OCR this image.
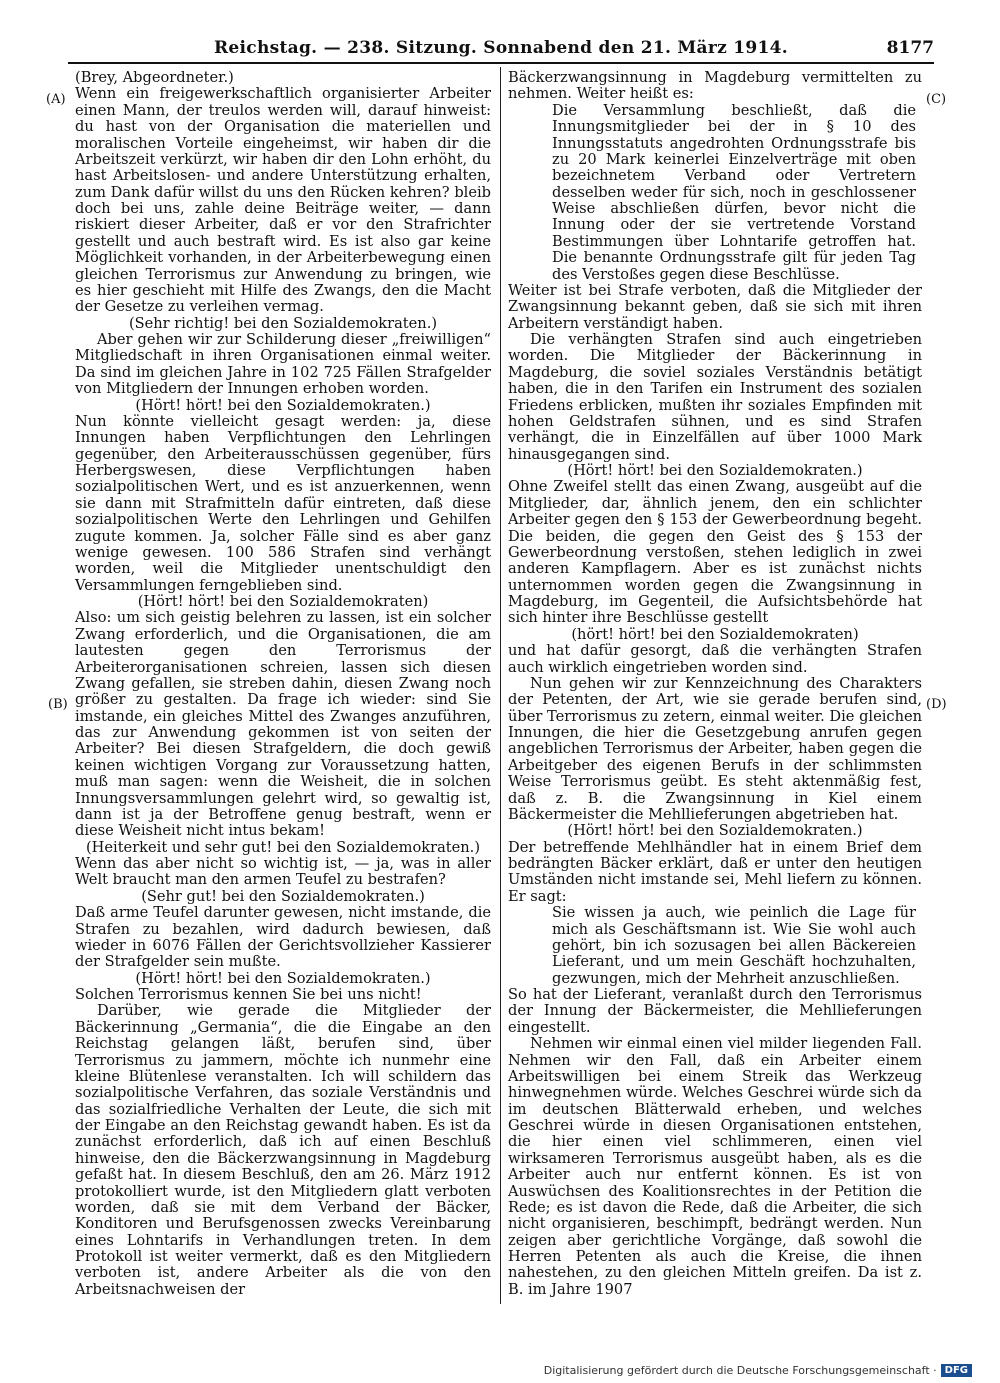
Reichstag. — 238. Sitzung. Sonnabend den 21. März 1914.	8177
(A)
(B)
(C)
(D)

(Brey, Abgeordneter.)

Wenn ein freigewerkschaftlich organisierter Arbeiter einen Mann, der treulos werden will, darauf hinweist: du hast von der Organisation die materiellen und moralischen Vorteile eingeheimst, wir haben dir die Arbeitszeit verkürzt, wir haben dir den Lohn erhöht, du hast Arbeitslosen- und andere Unterstützung erhalten, zum Dank dafür willst du uns den Rücken kehren? bleib doch bei uns, zahle deine Beiträge weiter, — dann riskiert dieser Arbeiter, daß er vor den Strafrichter gestellt und auch bestraft wird. Es ist also gar keine Möglichkeit vorhanden, in der Arbeiterbewegung einen gleichen Terrorismus zur Anwendung zu bringen, wie es hier geschieht mit Hilfe des Zwangs, den die Macht der Gesetze zu verleihen vermag.

(Sehr richtig! bei den Sozialdemokraten.)

Aber gehen wir zur Schilderung dieser „freiwilligen“ Mitgliedschaft in ihren Organisationen einmal weiter. Da sind im gleichen Jahre in 102 725 Fällen Strafgelder von Mitgliedern der Innungen erhoben worden.

(Hört! hört! bei den Sozialdemokraten.)

Nun könnte vielleicht gesagt werden: ja, diese Innungen haben Verpflichtungen den Lehrlingen gegenüber, den Arbeiterausschüssen gegenüber, fürs Herbergswesen, diese Verpflichtungen haben sozialpolitischen Wert, und es ist anzuerkennen, wenn sie dann mit Strafmitteln dafür eintreten, daß diese sozialpolitischen Werte den Lehrlingen und Gehilfen zugute kommen. Ja, solcher Fälle sind es aber ganz wenige gewesen. 100 586 Strafen sind verhängt worden, weil die Mitglieder unentschuldigt den Versammlungen ferngeblieben sind.

(Hört! hört! bei den Sozialdemokraten)

Also: um sich geistig belehren zu lassen, ist ein solcher Zwang erforderlich, und die Organisationen, die am lautesten gegen den Terrorismus der Arbeiterorganisationen schreien, lassen sich diesen Zwang gefallen, sie streben dahin, diesen Zwang noch größer zu gestalten. Da frage ich wieder: sind Sie imstande, ein gleiches Mittel des Zwanges anzuführen, das zur Anwendung gekommen ist von seiten der Arbeiter? Bei diesen Strafgeldern, die doch gewiß keinen wichtigen Vorgang zur Voraussetzung hatten, muß man sagen: wenn die Weisheit, die in solchen Innungsversammlungen gelehrt wird, so gewaltig ist, dann ist ja der Betroffene genug bestraft, wenn er diese Weisheit nicht intus bekam!

(Heiterkeit und sehr gut! bei den Sozialdemokraten.)

Wenn das aber nicht so wichtig ist, — ja, was in aller Welt braucht man den armen Teufel zu bestrafen?

(Sehr gut! bei den Sozialdemokraten.)

Daß arme Teufel darunter gewesen, nicht imstande, die Strafen zu bezahlen, wird dadurch bewiesen, daß wieder in 6076 Fällen der Gerichtsvollzieher Kassierer der Strafgelder sein mußte.

(Hört! hört! bei den Sozialdemokraten.)

Solchen Terrorismus kennen Sie bei uns nicht!

Darüber, wie gerade die Mitglieder der Bäckerinnung „Germania“, die die Eingabe an den Reichstag gelangen läßt, berufen sind, über Terrorismus zu jammern, möchte ich nunmehr eine kleine Blütenlese veranstalten. Ich will schildern das sozialpolitische Verfahren, das soziale Verständnis und das sozialfriedliche Verhalten der Leute, die sich mit der Eingabe an den Reichstag gewandt haben. Es ist da zunächst erforderlich, daß ich auf einen Beschluß hinweise, den die Bäckerzwangsinnung in Magdeburg gefaßt hat. In diesem Beschluß, den am 26. März 1912 protokolliert wurde, ist den Mitgliedern glatt verboten worden, daß sie mit dem Verband der Bäcker, Konditoren und Berufsgenossen zwecks Vereinbarung eines Lohntarifs in Verhandlungen treten. In dem Protokoll ist weiter vermerkt, daß es den Mitgliedern verboten ist, andere Arbeiter als die von den Arbeitsnachweisen der

Bäckerzwangsinnung in Magdeburg vermittelten zu nehmen. Weiter heißt es:

Die Versammlung beschließt, daß die Innungsmitglieder bei der in § 10 des Innungsstatuts angedrohten Ordnungsstrafe bis zu 20 Mark keinerlei Einzelverträge mit oben bezeichnetem Verband oder Vertretern desselben weder für sich, noch in geschlossener Weise abschließen dürfen, bevor nicht die Innung oder der sie vertretende Vorstand Bestimmungen über Lohntarife getroffen hat. Die benannte Ordnungsstrafe gilt für jeden Tag des Verstoßes gegen diese Beschlüsse.

Weiter ist bei Strafe verboten, daß die Mitglieder der Zwangsinnung bekannt geben, daß sie sich mit ihren Arbeitern verständigt haben.

Die verhängten Strafen sind auch eingetrieben worden. Die Mitglieder der Bäckerinnung in Magdeburg, die soviel soziales Verständnis betätigt haben, die in den Tarifen ein Instrument des sozialen Friedens erblicken, mußten ihr soziales Empfinden mit hohen Geldstrafen sühnen, und es sind Strafen verhängt, die in Einzelfällen auf über 1000 Mark hinausgegangen sind.

(Hört! hört! bei den Sozialdemokraten.)

Ohne Zweifel stellt das einen Zwang, ausgeübt auf die Mitglieder, dar, ähnlich jenem, den ein schlichter Arbeiter gegen den § 153 der Gewerbeordnung begeht. Die beiden, die gegen den Geist des § 153 der Gewerbeordnung verstoßen, stehen lediglich in zwei anderen Kampflagern. Aber es ist zunächst nichts unternommen worden gegen die Zwangsinnung in Magdeburg, im Gegenteil, die Aufsichtsbehörde hat sich hinter ihre Beschlüsse gestellt

(hört! hört! bei den Sozialdemokraten)

und hat dafür gesorgt, daß die verhängten Strafen auch wirklich eingetrieben worden sind.

Nun gehen wir zur Kennzeichnung des Charakters der Petenten, der Art, wie sie gerade berufen sind, über Terrorismus zu zetern, einmal weiter. Die gleichen Innungen, die hier die Gesetzgebung anrufen gegen angeblichen Terrorismus der Arbeiter, haben gegen die Arbeitgeber des eigenen Berufs in der schlimmsten Weise Terrorismus geübt. Es steht aktenmäßig fest, daß z. B. die Zwangsinnung in Kiel einem Bäckermeister die Mehllieferungen abgetrieben hat.

(Hört! hört! bei den Sozialdemokraten.)

Der betreffende Mehlhändler hat in einem Brief dem bedrängten Bäcker erklärt, daß er unter den heutigen Umständen nicht imstande sei, Mehl liefern zu können. Er sagt:

Sie wissen ja auch, wie peinlich die Lage für mich als Geschäftsmann ist. Wie Sie wohl auch gehört, bin ich sozusagen bei allen Bäckereien Lieferant, und um mein Geschäft hochzuhalten, gezwungen, mich der Mehrheit anzuschließen.

So hat der Lieferant, veranlaßt durch den Terrorismus der Innung der Bäckermeister, die Mehllieferungen eingestellt.

Nehmen wir einmal einen viel milder liegenden Fall. Nehmen wir den Fall, daß ein Arbeiter einem Arbeitswilligen bei einem Streik das Werkzeug hinwegnehmen würde. Welches Geschrei würde sich da im deutschen Blätterwald erheben, und welches Geschrei würde in diesen Organisationen entstehen, die hier einen viel schlimmeren, einen viel wirksameren Terrorismus ausgeübt haben, als es die Arbeiter auch nur entfernt können. Es ist von Auswüchsen des Koalitionsrechtes in der Petition die Rede; es ist davon die Rede, daß die Arbeiter, die sich nicht organisieren, beschimpft, bedrängt werden. Nun zeigen aber gerichtliche Vorgänge, daß sowohl die Herren Petenten als auch die Kreise, die ihnen nahestehen, zu den gleichen Mitteln greifen. Da ist z. B. im Jahre 1907

Digitalisierung gefördert durch die Deutsche Forschungsgemeinschaft · DFG
